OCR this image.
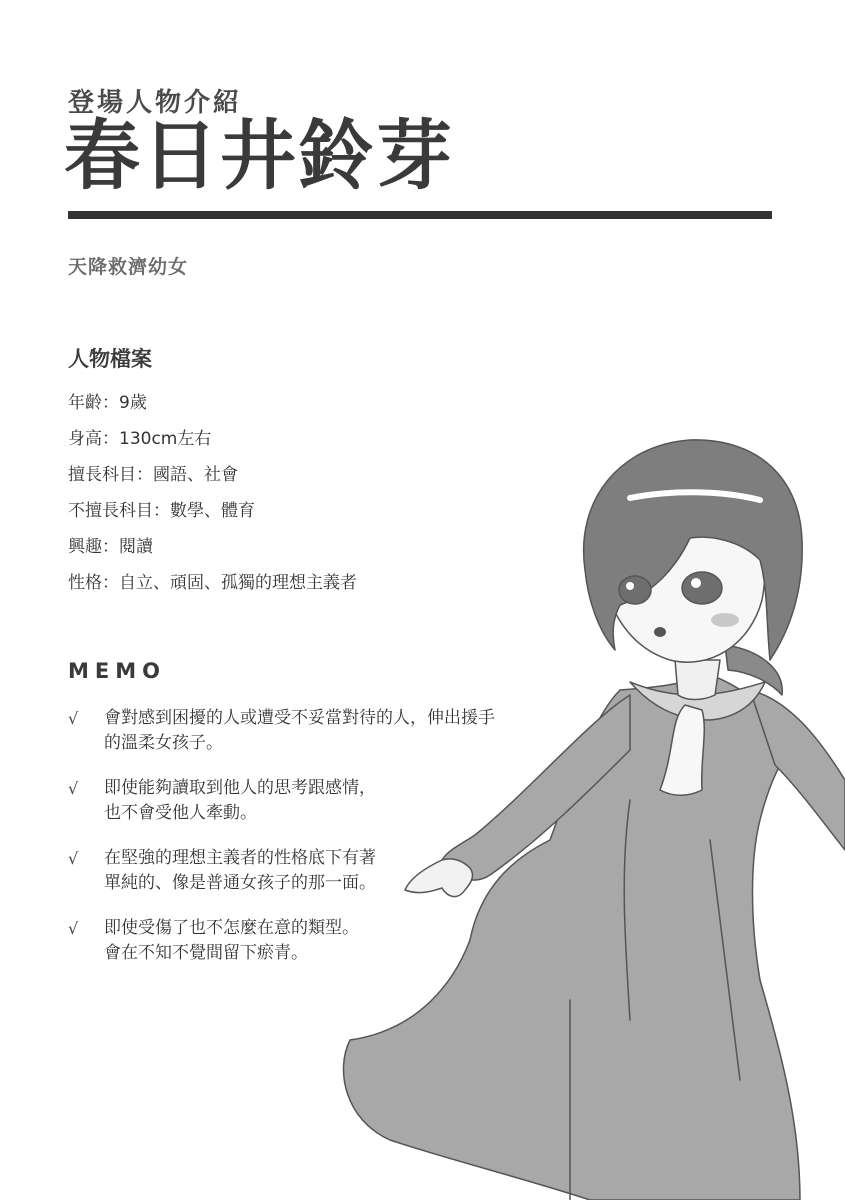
登場人物介紹
春日井鈴芽
天降救濟幼女
人物檔案
年齡：9歲
身高：130cm左右
擅長科目：國語、社會
不擅長科目：數學、體育
興趣：閱讀
性格：自立、頑固、孤獨的理想主義者
MEMO
√ 會對感到困擾的人或遭受不妥當對待的人，伸出援手
的溫柔女孩子。
√ 即使能夠讀取到他人的思考跟感情，
也不會受他人牽動。
√ 在堅強的理想主義者的性格底下有著
單純的、像是普通女孩子的那一面。
√ 即使受傷了也不怎麼在意的類型。
會在不知不覺間留下瘀青。
